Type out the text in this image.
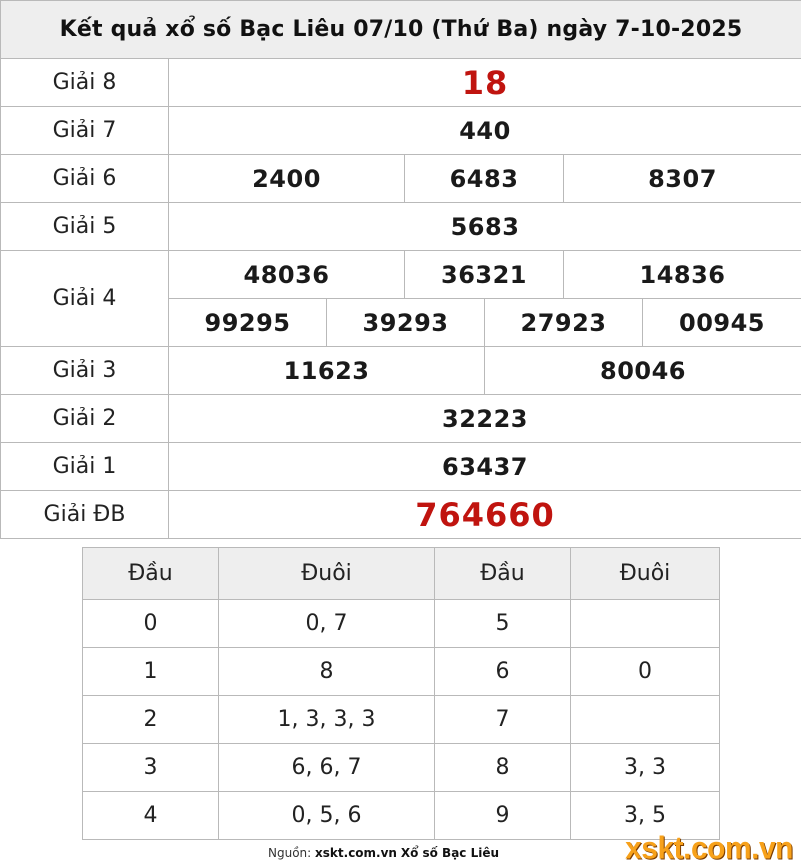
Kết quả xổ số Bạc Liêu 07/10 (Thứ Ba) ngày 7-10-2025						
Giải 8	18					
Giải 7	440					
Giải 6	2400		6483		8307	
Giải 5	5683					
Giải 4	48036		36321		14836	
	99295	39293		27923		00945
Giải 3	11623			80046		
Giải 2	32223					
Giải 1	63437					
Giải ĐB	764660					
Đầu	Đuôi	Đầu	Đuôi
0	0, 7	5	
1	8	6	0
2	1, 3, 3, 3	7	
3	6, 6, 7	8	3, 3
4	0, 5, 6	9	3, 5
Nguồn: xskt.com.vn Xổ số Bạc Liêu	xskt.com.vn
